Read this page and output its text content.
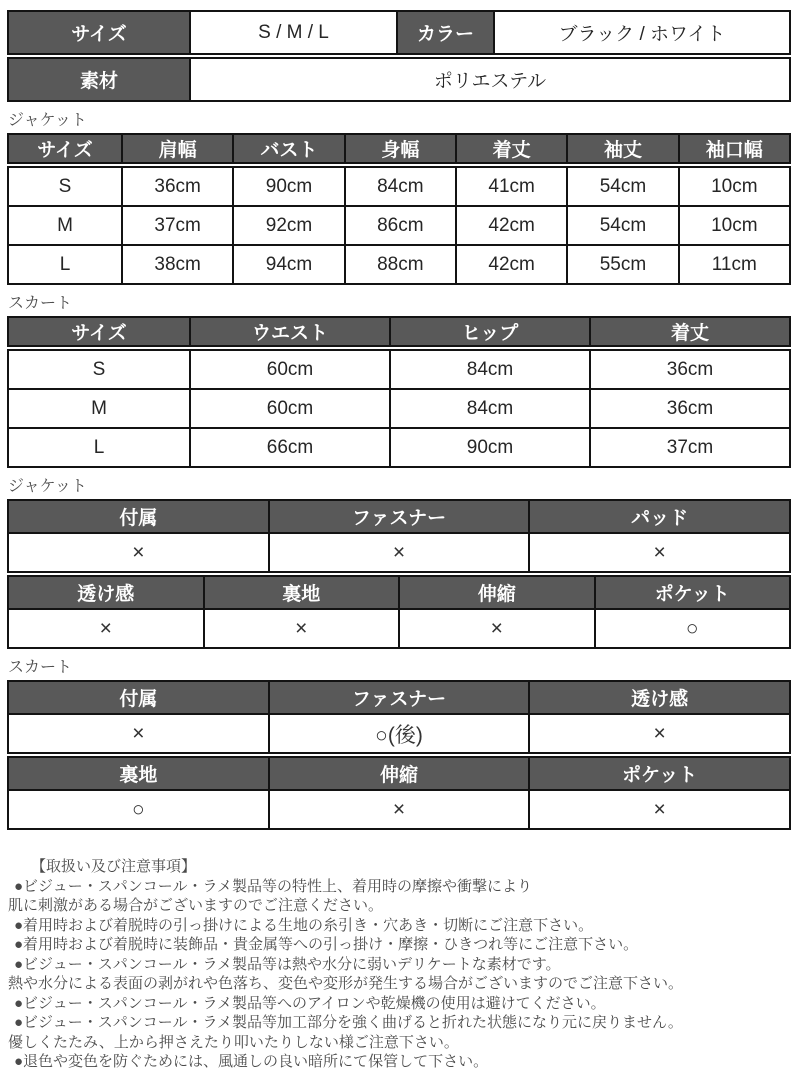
サイズ	S / M / L	カラー	ブラック / ホワイト
素材	ポリエステル
ジャケット
サイズ	肩幅	バスト	身幅	着丈	袖丈	袖口幅
S	36cm	90cm	84cm	41cm	54cm	10cm
M	37cm	92cm	86cm	42cm	54cm	10cm
L	38cm	94cm	88cm	42cm	55cm	11cm
スカート
サイズ	ウエスト	ヒップ	着丈
S	60cm	84cm	36cm
M	60cm	84cm	36cm
L	66cm	90cm	37cm
ジャケット
付属	ファスナー	パッド
×	×	×
透け感	裏地	伸縮	ポケット
×	×	×	○
スカート
付属	ファスナー	透け感
×	○(後)	×
裏地	伸縮	ポケット
○	×	×
【取扱い及び注意事項】
●ビジュー・スパンコール・ラメ製品等の特性上、着用時の摩擦や衝撃により
肌に刺激がある場合がございますのでご注意ください。
●着用時および着脱時の引っ掛けによる生地の糸引き・穴あき・切断にご注意下さい。
●着用時および着脱時に装飾品・貴金属等への引っ掛け・摩擦・ひきつれ等にご注意下さい。
●ビジュー・スパンコール・ラメ製品等は熱や水分に弱いデリケートな素材です。
熱や水分による表面の剥がれや色落ち、変色や変形が発生する場合がございますのでご注意下さい。
●ビジュー・スパンコール・ラメ製品等へのアイロンや乾燥機の使用は避けてください。
●ビジュー・スパンコール・ラメ製品等加工部分を強く曲げると折れた状態になり元に戻りません。
優しくたたみ、上から押さえたり叩いたりしない様ご注意下さい。
●退色や変色を防ぐためには、風通しの良い暗所にて保管して下さい。
